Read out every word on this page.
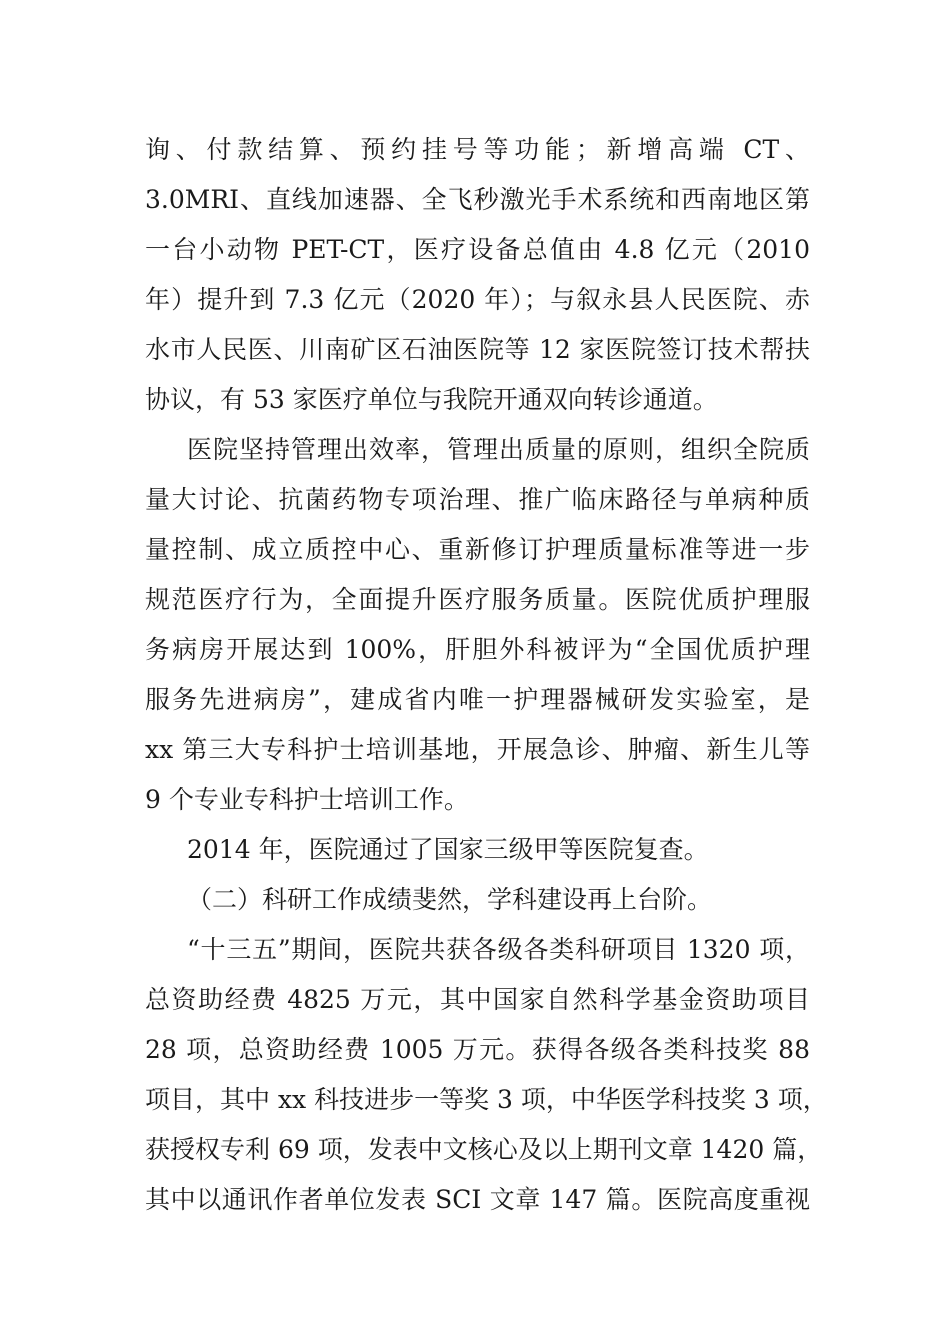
询、付款结算、预约挂号等功能；新增高端 CT、
3.0MRI、直线加速器、全飞秒激光手术系统和西南地区第
一台小动物 PET-CT，医疗设备总值由 4.8 亿元（2010
年）提升到 7.3 亿元（2020 年）；与叙永县人民医院、赤
水市人民医、川南矿区石油医院等 12 家医院签订技术帮扶
协议，有 53 家医疗单位与我院开通双向转诊通道。
医院坚持管理出效率，管理出质量的原则，组织全院质
量大讨论、抗菌药物专项治理、推广临床路径与单病种质
量控制、成立质控中心、重新修订护理质量标准等进一步
规范医疗行为，全面提升医疗服务质量。医院优质护理服
务病房开展达到 100%，肝胆外科被评为“全国优质护理
服务先进病房”，建成省内唯一护理器械研发实验室，是
xx 第三大专科护士培训基地，开展急诊、肿瘤、新生儿等
9 个专业专科护士培训工作。
2014 年，医院通过了国家三级甲等医院复查。
（二）科研工作成绩斐然，学科建设再上台阶。
“十三五”期间，医院共获各级各类科研项目 1320 项，
总资助经费 4825 万元，其中国家自然科学基金资助项目
28 项，总资助经费 1005 万元。获得各级各类科技奖 88
项目，其中 xx 科技进步一等奖 3 项，中华医学科技奖 3 项，
获授权专利 69 项，发表中文核心及以上期刊文章 1420 篇，
其中以通讯作者单位发表 SCI 文章 147 篇。医院高度重视
